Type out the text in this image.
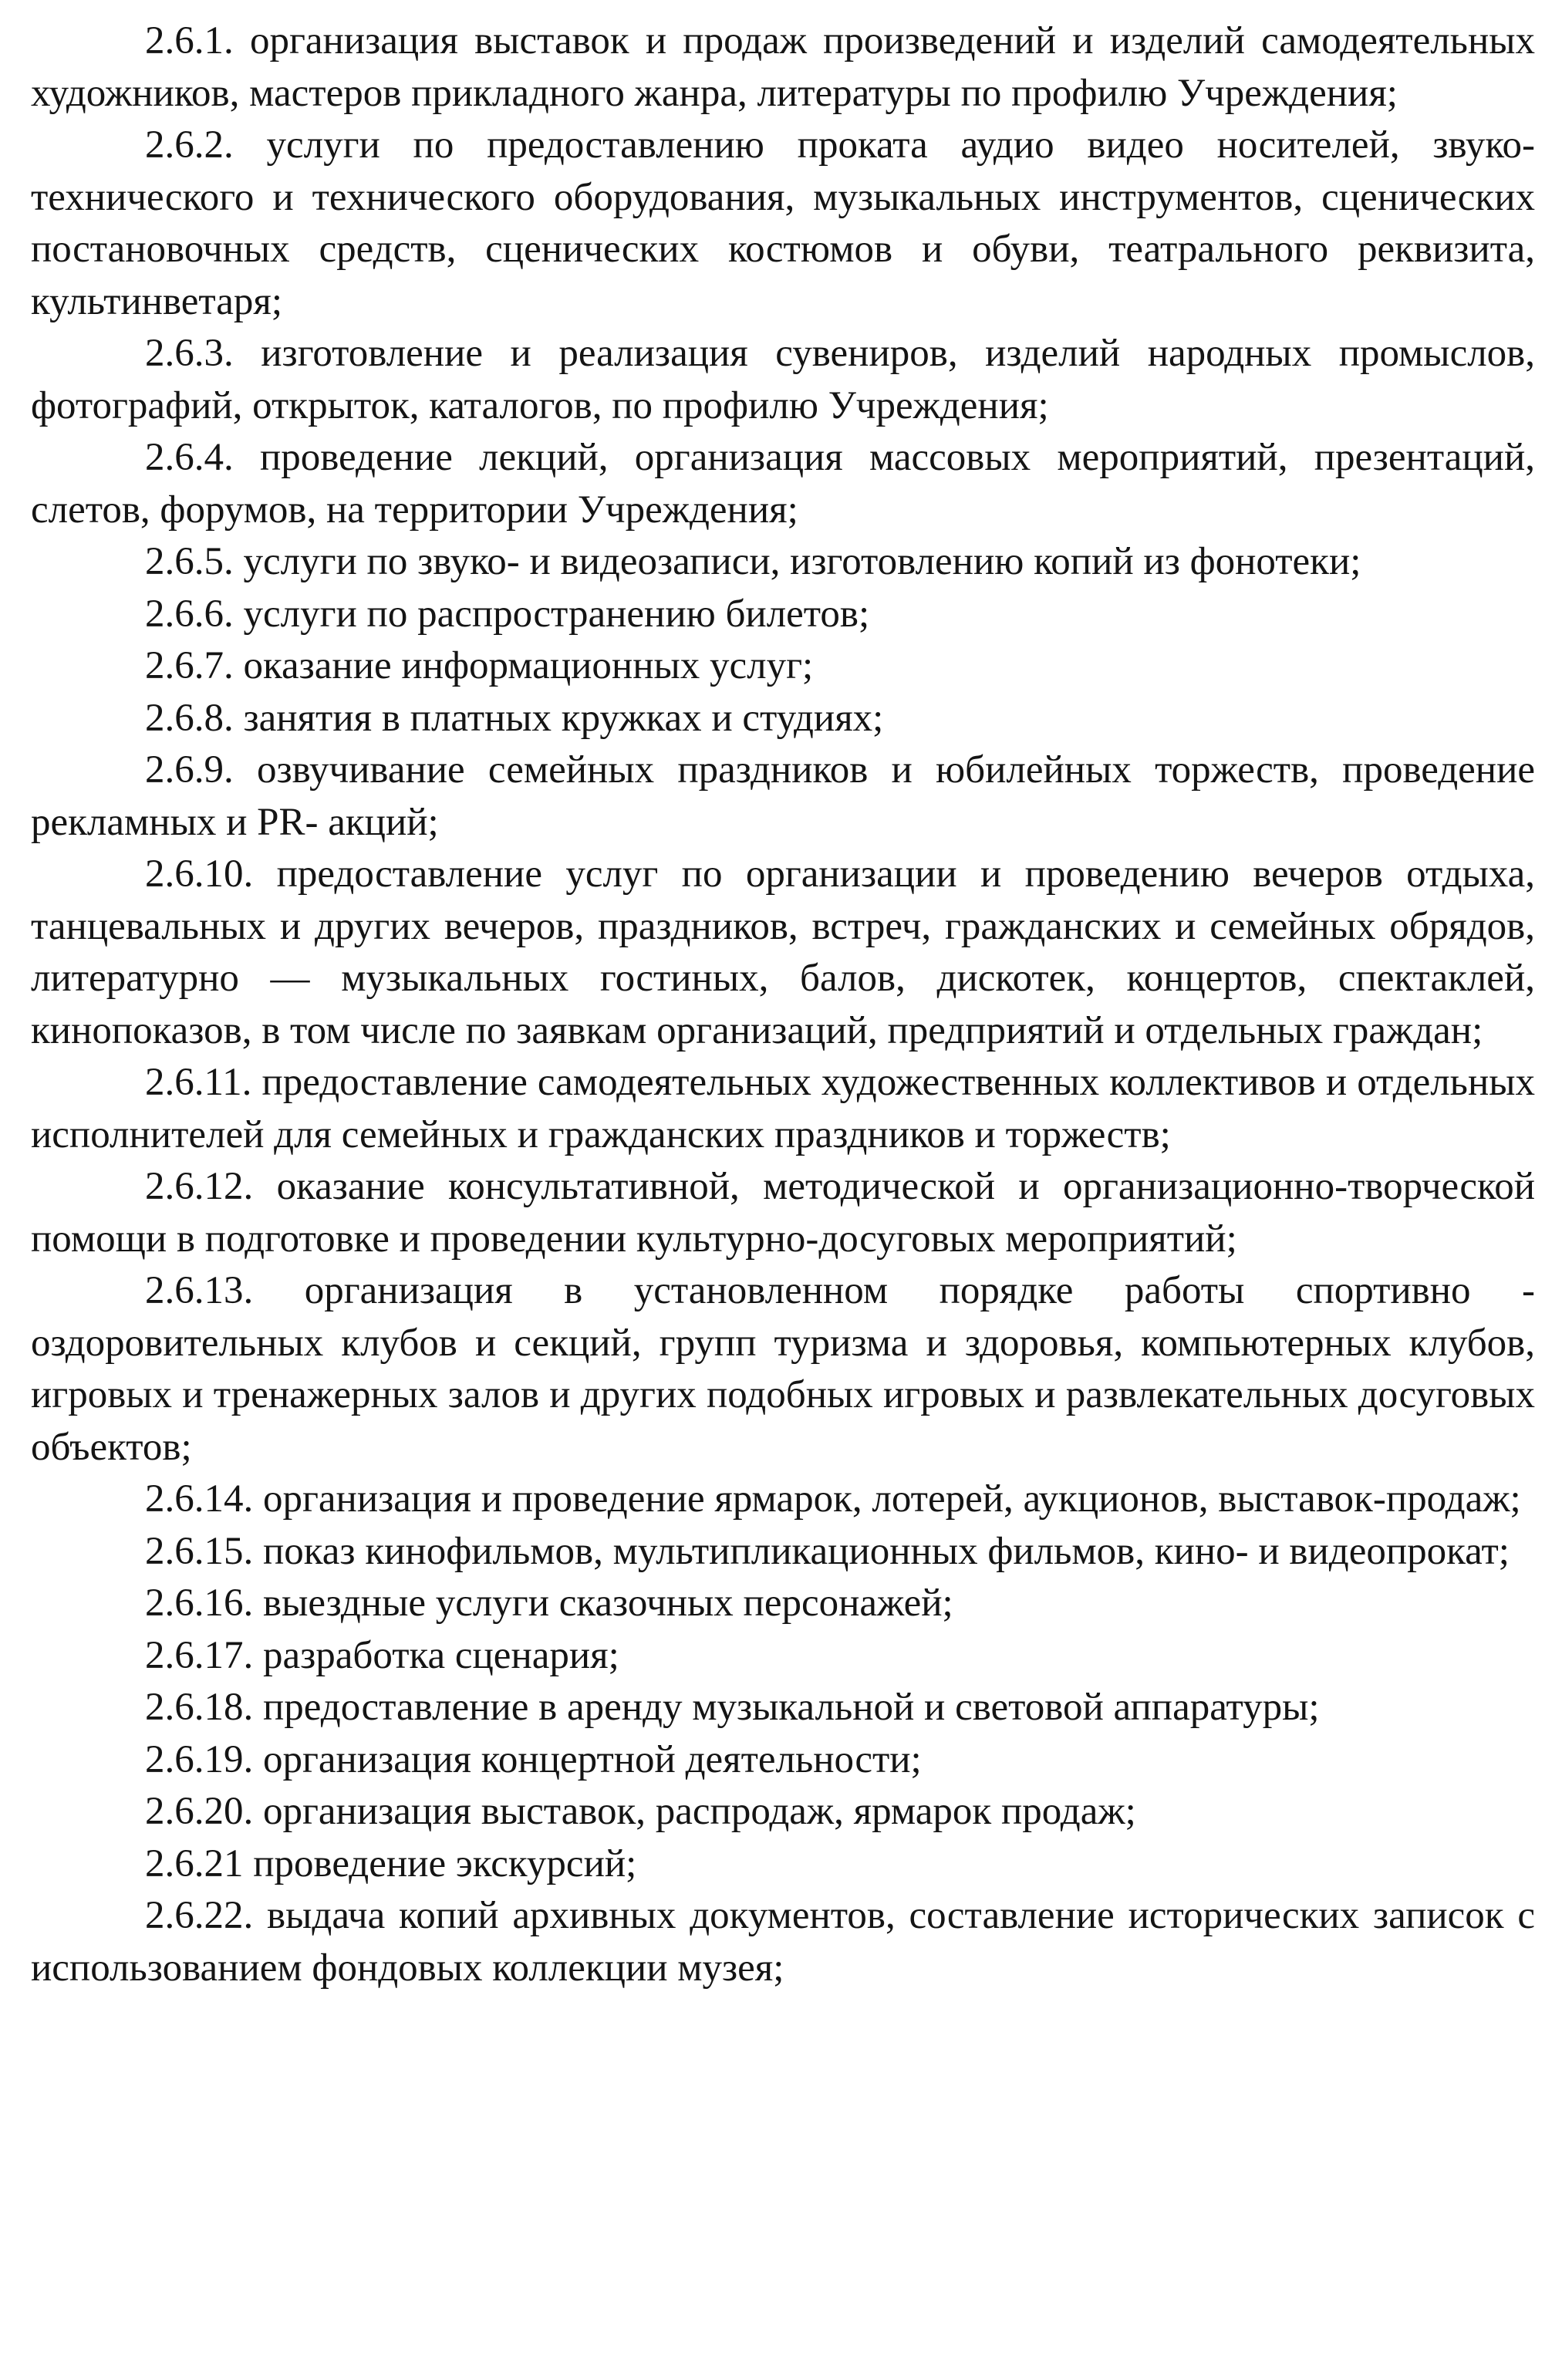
2.6.1. организация выставок и продаж произведений и изделий самодеятельных художников, мастеров прикладного жанра, литературы по профилю Учреждения;

2.6.2. услуги по предоставлению проката аудио видео носителей, звуко-технического и технического оборудования, музыкальных инструментов, сценических постановочных средств, сценических костюмов и обуви, театрального реквизита, культинветаря;

2.6.3. изготовление и реализация сувениров, изделий народных промыслов, фотографий, открыток, каталогов, по профилю Учреждения;

2.6.4. проведение лекций, организация массовых мероприятий, презентаций, слетов, форумов, на территории Учреждения;

2.6.5. услуги по звуко- и видеозаписи, изготовлению копий из фонотеки;

2.6.6. услуги по распространению билетов;

2.6.7. оказание информационных услуг;

2.6.8. занятия в платных кружках и студиях;

2.6.9. озвучивание семейных праздников и юбилейных торжеств, проведение рекламных и PR- акций;

2.6.10. предоставление услуг по организации и проведению вечеров отдыха, танцевальных и других вечеров, праздников, встреч, гражданских и семейных обрядов, литературно — музыкальных гостиных, балов, дискотек, концертов, спектаклей, кинопоказов, в том числе по заявкам организаций, предприятий и отдельных граждан;

2.6.11. предоставление самодеятельных художественных коллективов и отдельных исполнителей для семейных и гражданских праздников и торжеств;

2.6.12. оказание консультативной, методической и организационно-творческой помощи в подготовке и проведении культурно-досуговых мероприятий;

2.6.13. организация в установленном порядке работы спортивно - оздоровительных клубов и секций, групп туризма и здоровья, компьютерных клубов, игровых и тренажерных залов и других подобных игровых и развлекательных досуговых объектов;

2.6.14. организация и проведение ярмарок, лотерей, аукционов, выставок-продаж;

2.6.15. показ кинофильмов, мультипликационных фильмов, кино- и видеопрокат;

2.6.16. выездные услуги сказочных персонажей;

2.6.17. разработка сценария;

2.6.18. предоставление в аренду музыкальной и световой аппаратуры;

2.6.19. организация концертной деятельности;

2.6.20. организация выставок, распродаж, ярмарок продаж;

2.6.21 проведение экскурсий;

2.6.22. выдача копий архивных документов, составление исторических записок с использованием фондовых коллекции музея;
